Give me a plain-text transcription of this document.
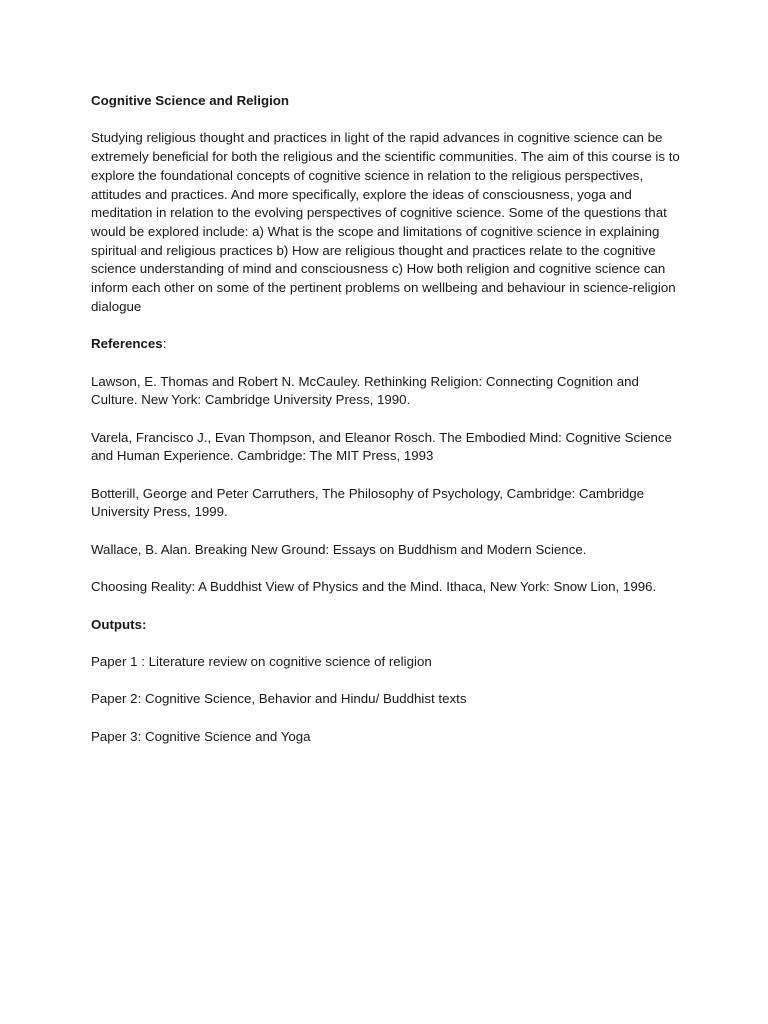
Cognitive Science and Religion

Studying religious thought and practices in light of the rapid advances in cognitive science can be extremely beneficial for both the religious and the scientific communities. The aim of this course is to explore the foundational concepts of cognitive science in relation to the religious perspectives, attitudes and practices. And more specifically, explore the ideas of consciousness, yoga and meditation in relation to the evolving perspectives of cognitive science. Some of the questions that would be explored include: a) What is the scope and limitations of cognitive science in explaining spiritual and religious practices b) How are religious thought and practices relate to the cognitive science understanding of mind and consciousness c) How both religion and cognitive science can inform each other on some of the pertinent problems on wellbeing and behaviour in science-religion dialogue

References:

Lawson, E. Thomas and Robert N. McCauley. Rethinking Religion: Connecting Cognition and Culture. New York: Cambridge University Press, 1990.

Varela, Francisco J., Evan Thompson, and Eleanor Rosch. The Embodied Mind: Cognitive Science and Human Experience. Cambridge: The MIT Press, 1993

Botterill, George and Peter Carruthers, The Philosophy of Psychology, Cambridge: Cambridge University Press, 1999.

Wallace, B. Alan. Breaking New Ground: Essays on Buddhism and Modern Science.

Choosing Reality: A Buddhist View of Physics and the Mind. Ithaca, New York: Snow Lion, 1996.

Outputs:

Paper 1 : Literature review on cognitive science of religion

Paper 2: Cognitive Science, Behavior and Hindu/ Buddhist texts

Paper 3: Cognitive Science and Yoga
